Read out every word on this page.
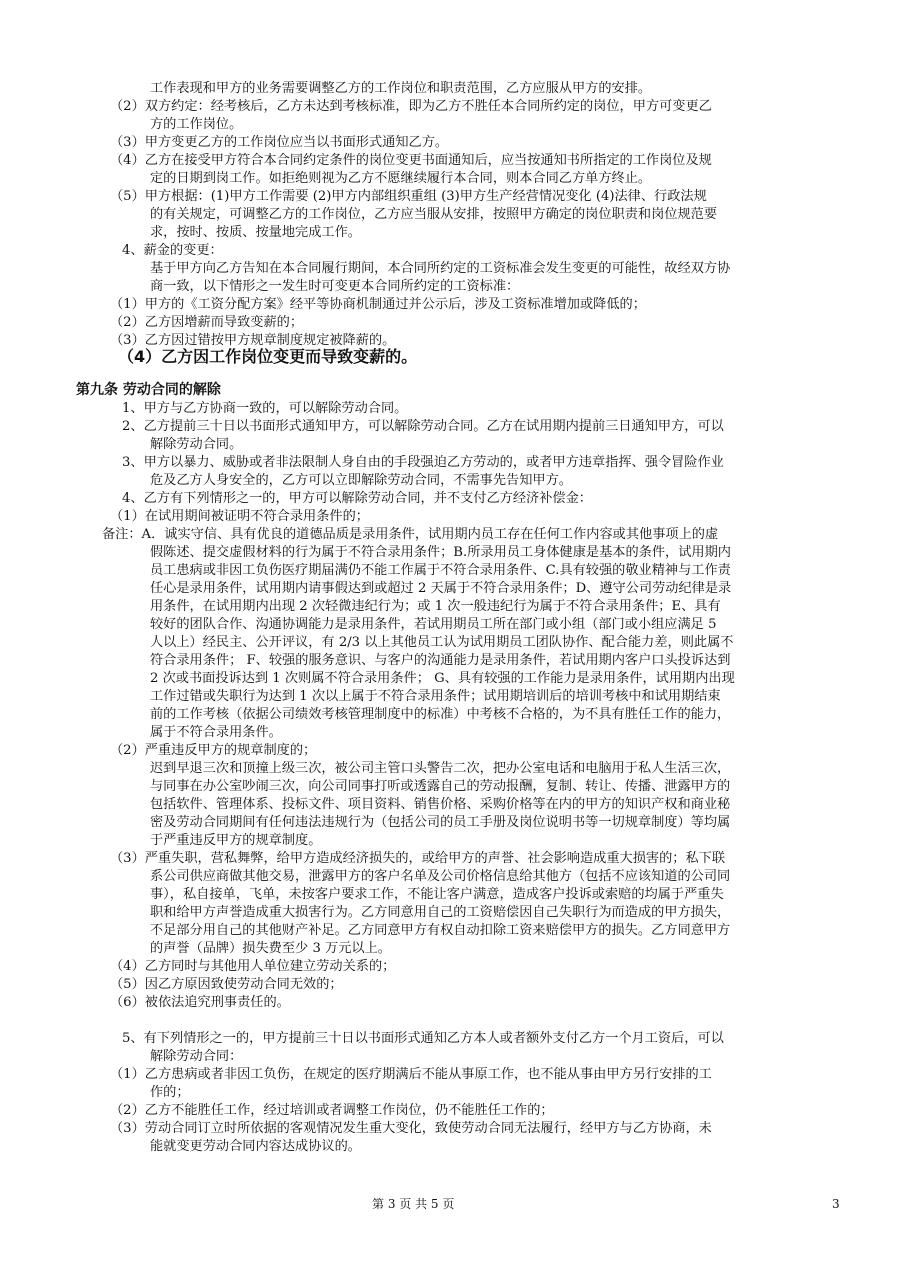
工作表现和甲方的业务需要调整乙方的工作岗位和职责范围，乙方应服从甲方的安排。
（2）双方约定：经考核后，乙方未达到考核标准，即为乙方不胜任本合同所约定的岗位，甲方可变更乙
方的工作岗位。
（3）甲方变更乙方的工作岗位应当以书面形式通知乙方。
（4）乙方在接受甲方符合本合同约定条件的岗位变更书面通知后，应当按通知书所指定的工作岗位及规
定的日期到岗工作。如拒绝则视为乙方不愿继续履行本合同，则本合同乙方单方终止。
（5）甲方根据：(1)甲方工作需要 (2)甲方内部组织重组 (3)甲方生产经营情况变化 (4)法律、行政法规
的有关规定，可调整乙方的工作岗位，乙方应当服从安排，按照甲方确定的岗位职责和岗位规范要
求，按时、按质、按量地完成工作。
4、薪金的变更：
基于甲方向乙方告知在本合同履行期间，本合同所约定的工资标准会发生变更的可能性，故经双方协
商一致，以下情形之一发生时可变更本合同所约定的工资标准：
（1）甲方的《工资分配方案》经平等协商机制通过并公示后，涉及工资标准增加或降低的；
（2）乙方因增薪而导致变薪的；
（3）乙方因过错按甲方规章制度规定被降薪的。
（4）乙方因工作岗位变更而导致变薪的。
第九条 劳动合同的解除
1、甲方与乙方协商一致的，可以解除劳动合同。
2、乙方提前三十日以书面形式通知甲方，可以解除劳动合同。乙方在试用期内提前三日通知甲方，可以
解除劳动合同。
3、甲方以暴力、威胁或者非法限制人身自由的手段强迫乙方劳动的，或者甲方违章指挥、强令冒险作业
危及乙方人身安全的，乙方可以立即解除劳动合同，不需事先告知甲方。
4、乙方有下列情形之一的，甲方可以解除劳动合同，并不支付乙方经济补偿金：
（1）在试用期间被证明不符合录用条件的；
备注：A．诚实守信、具有优良的道德品质是录用条件，试用期内员工存在任何工作内容或其他事项上的虚
假陈述、提交虚假材料的行为属于不符合录用条件；B.所录用员工身体健康是基本的条件，试用期内
员工患病或非因工负伤医疗期届满仍不能工作属于不符合录用条件、C.具有较强的敬业精神与工作责
任心是录用条件，试用期内请事假达到或超过 2 天属于不符合录用条件；D、遵守公司劳动纪律是录
用条件，在试用期内出现 2 次轻微违纪行为；或 1 次一般违纪行为属于不符合录用条件；E、具有
较好的团队合作、沟通协调能力是录用条件，若试用期员工所在部门或小组（部门或小组应满足 5
人以上）经民主、公开评议，有 2/3 以上其他员工认为试用期员工团队协作、配合能力差，则此属不
符合录用条件； F、较强的服务意识、与客户的沟通能力是录用条件，若试用期内客户口头投诉达到
2 次或书面投诉达到 1 次则属不符合录用条件； G、具有较强的工作能力是录用条件，试用期内出现
工作过错或失职行为达到 1 次以上属于不符合录用条件；试用期培训后的培训考核中和试用期结束
前的工作考核（依据公司绩效考核管理制度中的标准）中考核不合格的，为不具有胜任工作的能力，
属于不符合录用条件。
（2）严重违反甲方的规章制度的；
迟到早退三次和顶撞上级三次，被公司主管口头警告二次，把办公室电话和电脑用于私人生活三次，
与同事在办公室吵闹三次，向公司同事打听或透露自己的劳动报酬，复制、转让、传播、泄露甲方的
包括软件、管理体系、投标文件、项目资料、销售价格、采购价格等在内的甲方的知识产权和商业秘
密及劳动合同期间有任何违法违规行为（包括公司的员工手册及岗位说明书等一切规章制度）等均属
于严重违反甲方的规章制度。
（3）严重失职，营私舞弊，给甲方造成经济损失的，或给甲方的声誉、社会影响造成重大损害的；私下联
系公司供应商做其他交易，泄露甲方的客户名单及公司价格信息给其他方（包括不应该知道的公司同
事），私自接单，飞单，未按客户要求工作，不能让客户满意，造成客户投诉或索赔的均属于严重失
职和给甲方声誉造成重大损害行为。乙方同意用自己的工资赔偿因自己失职行为而造成的甲方损失，
不足部分用自己的其他财产补足。乙方同意甲方有权自动扣除工资来赔偿甲方的损失。乙方同意甲方
的声誉（品牌）损失费至少 3 万元以上。
（4）乙方同时与其他用人单位建立劳动关系的；
（5）因乙方原因致使劳动合同无效的；
（6）被依法追究刑事责任的。
5、有下列情形之一的，甲方提前三十日以书面形式通知乙方本人或者额外支付乙方一个月工资后，可以
解除劳动合同：
（1）乙方患病或者非因工负伤，在规定的医疗期满后不能从事原工作，也不能从事由甲方另行安排的工
作的；
（2）乙方不能胜任工作，经过培训或者调整工作岗位，仍不能胜任工作的；
（3）劳动合同订立时所依据的客观情况发生重大变化，致使劳动合同无法履行，经甲方与乙方协商，未
能就变更劳动合同内容达成协议的。
第 3 页 共 5 页	3
